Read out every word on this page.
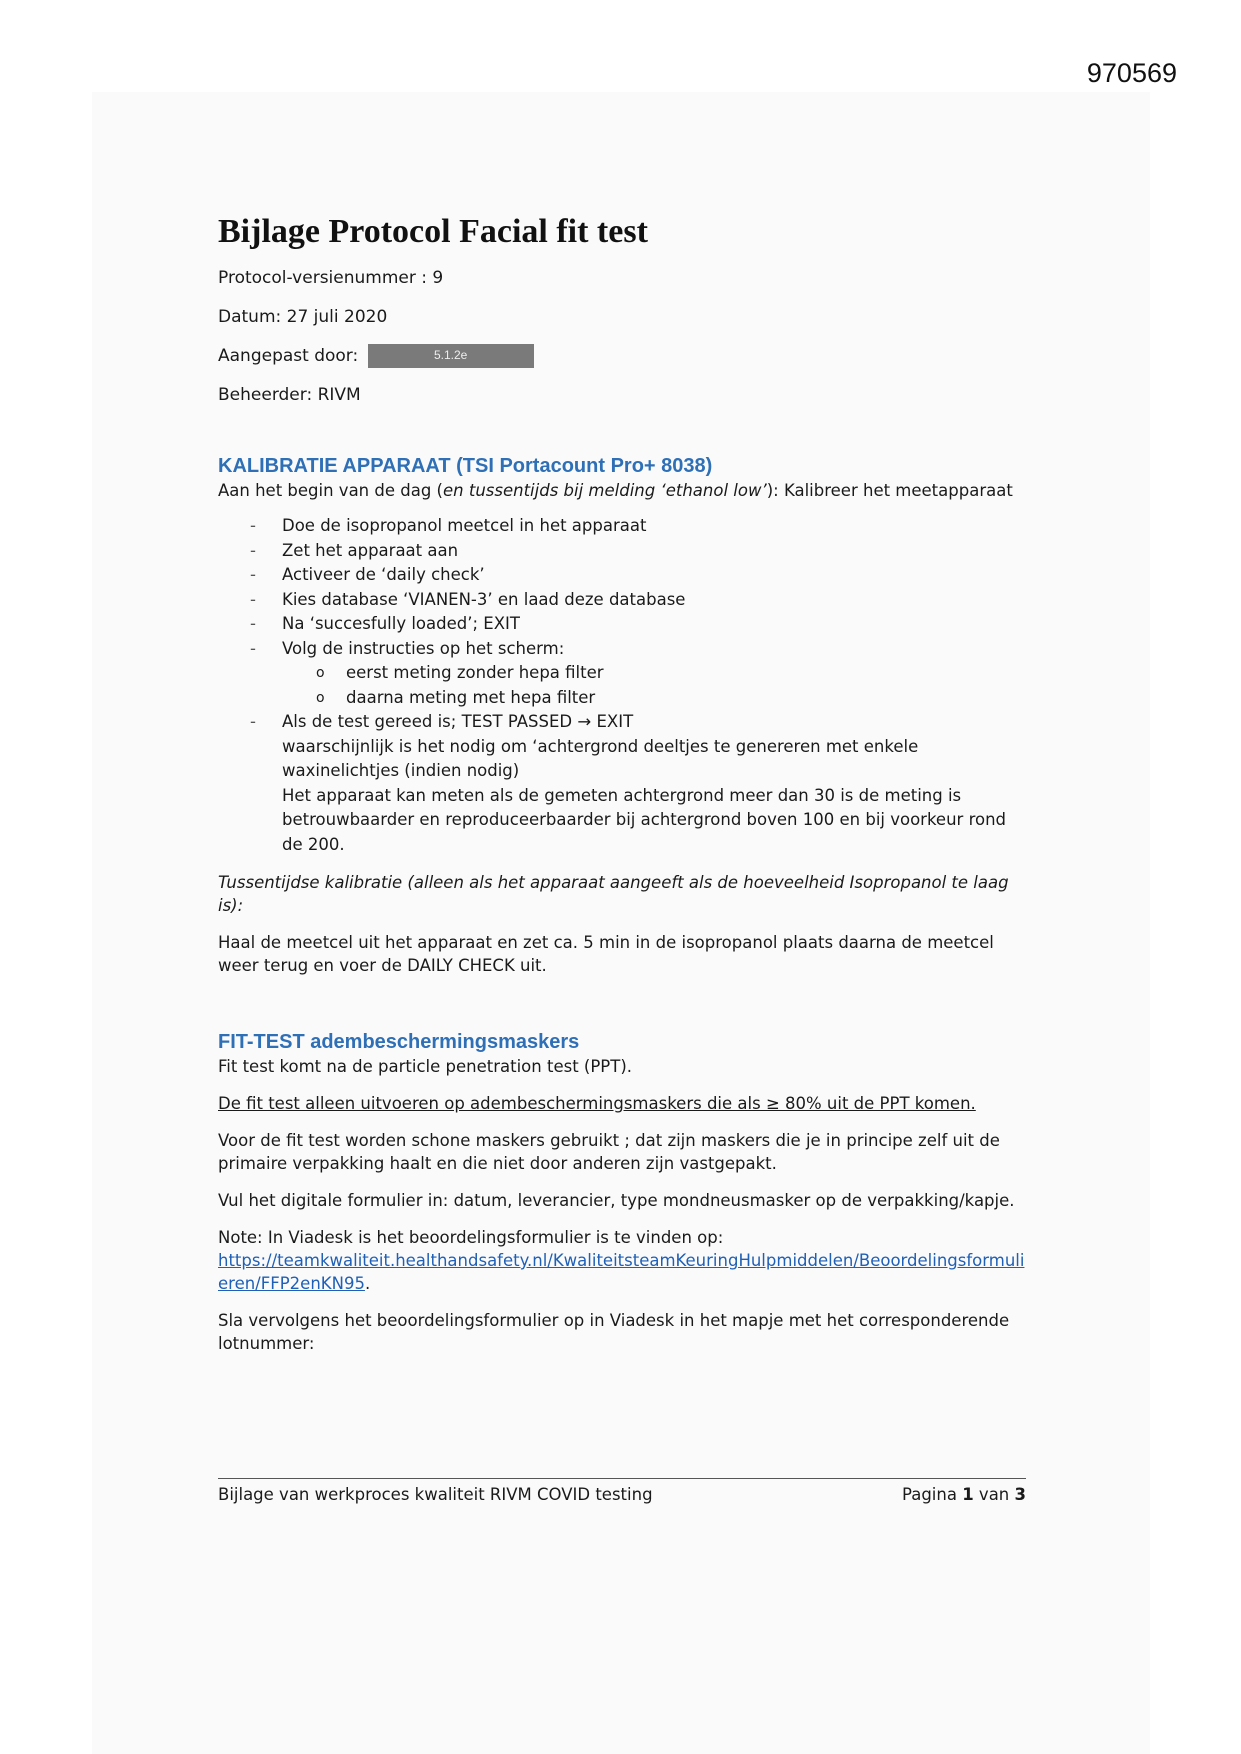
970569
Bijlage Protocol Facial fit test
Protocol-versienummer : 9
Datum: 27 juli 2020
Aangepast door:	5.1.2e
Beheerder: RIVM
KALIBRATIE APPARAAT (TSI Portacount Pro+ 8038)

Aan het begin van de dag (en tussentijds bij melding ‘ethanol low’): Kalibreer het meetapparaat

- Doe de isopropanol meetcel in het apparaat
- Zet het apparaat aan
- Activeer de ‘daily check’
- Kies database ‘VIANEN-3’ en laad deze database
- Na ‘succesfully loaded’; EXIT
- Volg de instructies op het scherm:
o eerst meting zonder hepa filter
o daarna meting met hepa filter
- Als de test gereed is; TEST PASSED → EXIT
waarschijnlijk is het nodig om ‘achtergrond deeltjes te genereren met enkele waxinelichtjes (indien nodig)
Het apparaat kan meten als de gemeten achtergrond meer dan 30 is de meting is betrouwbaarder en reproduceerbaarder bij achtergrond boven 100 en bij voorkeur rond de 200.

Tussentijdse kalibratie (alleen als het apparaat aangeeft als de hoeveelheid Isopropanol te laag is):

Haal de meetcel uit het apparaat en zet ca. 5 min in de isopropanol plaats daarna de meetcel weer terug en voer de DAILY CHECK uit.

FIT-TEST adembeschermingsmaskers

Fit test komt na de particle penetration test (PPT).

De fit test alleen uitvoeren op adembeschermingsmaskers die als ≥ 80% uit de PPT komen.

Voor de fit test worden schone maskers gebruikt ; dat zijn maskers die je in principe zelf uit de primaire verpakking haalt en die niet door anderen zijn vastgepakt.

Vul het digitale formulier in: datum, leverancier, type mondneusmasker op de verpakking/kapje.

Note: In Viadesk is het beoordelingsformulier is te vinden op:
https://teamkwaliteit.healthandsafety.nl/KwaliteitsteamKeuringHulpmiddelen/Beoordelingsformulieren/FFP2enKN95.

Sla vervolgens het beoordelingsformulier op in Viadesk in het mapje met het corresponderende lotnummer:

Bijlage van werkproces kwaliteit RIVM COVID testing	Pagina 1 van 3
